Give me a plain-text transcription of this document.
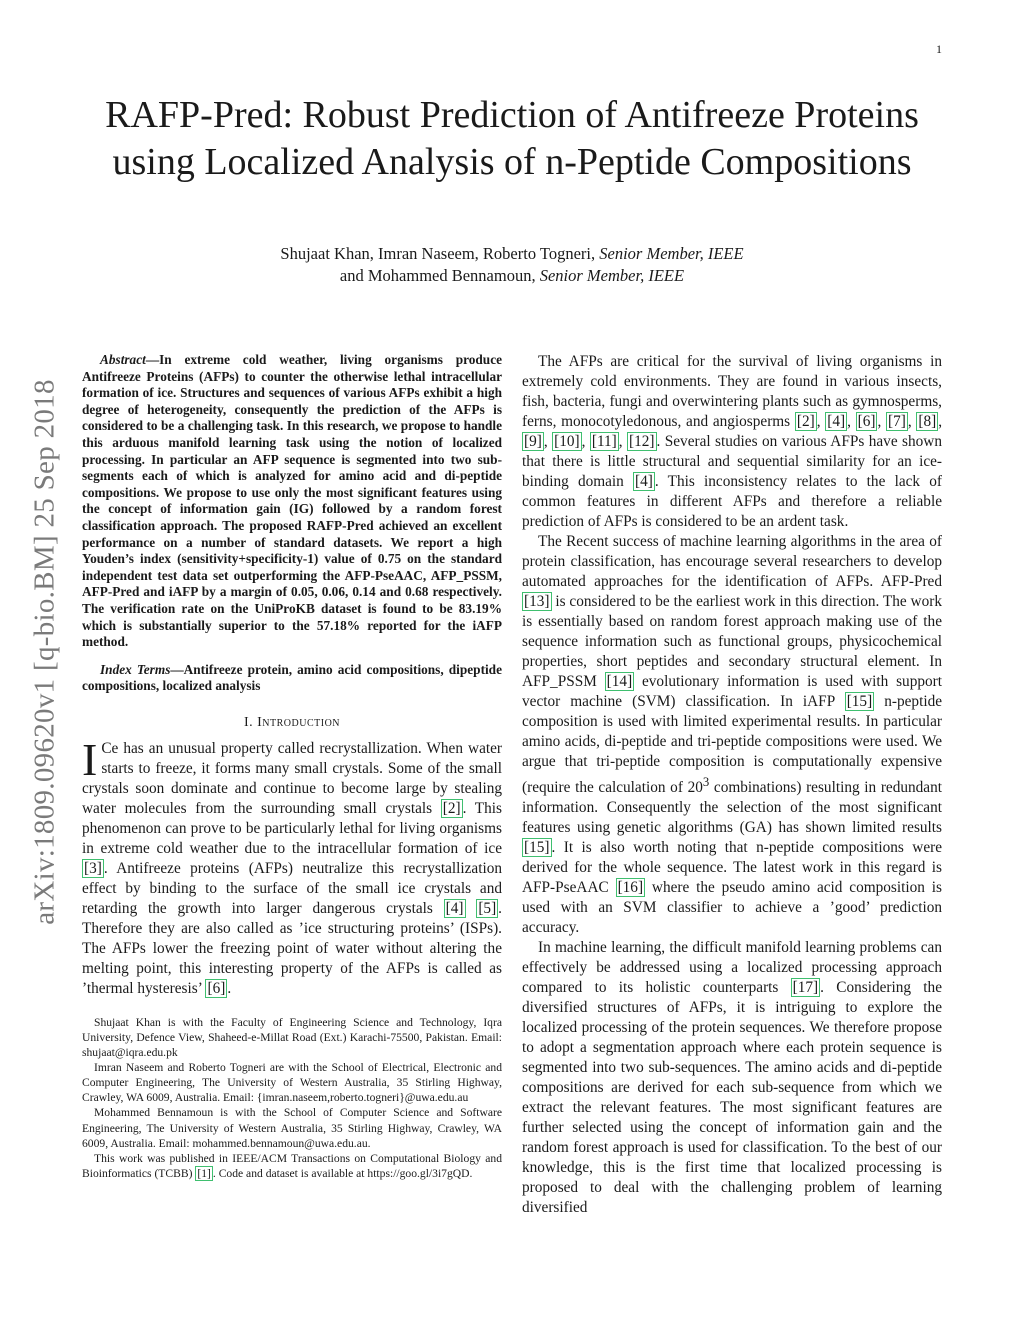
1
arXiv:1809.09620v1 [q-bio.BM] 25 Sep 2018
RAFP-Pred: Robust Prediction of Antifreeze Proteins using Localized Analysis of n-Peptide Compositions
Shujaat Khan, Imran Naseem, Roberto Togneri, Senior Member, IEEE
and Mohammed Bennamoun, Senior Member, IEEE

Abstract—In extreme cold weather, living organisms produce Antifreeze Proteins (AFPs) to counter the otherwise lethal intracellular formation of ice. Structures and sequences of various AFPs exhibit a high degree of heterogeneity, consequently the prediction of the AFPs is considered to be a challenging task. In this research, we propose to handle this arduous manifold learning task using the notion of localized processing. In particular an AFP sequence is segmented into two sub-segments each of which is analyzed for amino acid and di-peptide compositions. We propose to use only the most significant features using the concept of information gain (IG) followed by a random forest classification approach. The proposed RAFP-Pred achieved an excellent performance on a number of standard datasets. We report a high Youden’s index (sensitivity+specificity-1) value of 0.75 on the standard independent test data set outperforming the AFP-PseAAC, AFP_PSSM, AFP-Pred and iAFP by a margin of 0.05, 0.06, 0.14 and 0.68 respectively. The verification rate on the UniProKB dataset is found to be 83.19% which is substantially superior to the 57.18% reported for the iAFP method.

Index Terms—Antifreeze protein, amino acid compositions, dipeptide compositions, localized analysis

I. Introduction

I Ce has an unusual property called recrystallization. When water starts to freeze, it forms many small crystals. Some of the small crystals soon dominate and continue to become large by stealing water molecules from the surrounding small crystals [2] . This phenomenon can prove to be particularly lethal for living organisms in extreme cold weather due to the intracellular formation of ice [3] . Antifreeze proteins (AFPs) neutralize this recrystallization effect by binding to the surface of the small ice crystals and retarding the growth into larger dangerous crystals [4] [5] . Therefore they are also called as ’ice structuring proteins’ (ISPs). The AFPs lower the freezing point of water without altering the melting point, this interesting property of the AFPs is called as ’thermal hysteresis’ [6] .

Shujaat Khan is with the Faculty of Engineering Science and Technology, Iqra University, Defence View, Shaheed-e-Millat Road (Ext.) Karachi-75500, Pakistan. Email: shujaat@iqra.edu.pk

Imran Naseem and Roberto Togneri are with the School of Electrical, Electronic and Computer Engineering, The University of Western Australia, 35 Stirling Highway, Crawley, WA 6009, Australia. Email: {imran.naseem,roberto.togneri}@uwa.edu.au

Mohammed Bennamoun is with the School of Computer Science and Software Engineering, The University of Western Australia, 35 Stirling Highway, Crawley, WA 6009, Australia. Email: mohammed.bennamoun@uwa.edu.au.

This work was published in IEEE/ACM Transactions on Computational Biology and Bioinformatics (TCBB) [1] . Code and dataset is available at https://goo.gl/3i7gQD.

The AFPs are critical for the survival of living organisms in extremely cold environments. They are found in various insects, fish, bacteria, fungi and overwintering plants such as gymnosperms, ferns, monocotyledonous, and angiosperms [2] , [4] , [6] , [7] , [8] , [9] , [10] , [11] , [12] . Several studies on various AFPs have shown that there is little structural and sequential similarity for an ice-binding domain [4] . This inconsistency relates to the lack of common features in different AFPs and therefore a reliable prediction of AFPs is considered to be an ardent task.

The Recent success of machine learning algorithms in the area of protein classification, has encourage several researchers to develop automated approaches for the identification of AFPs. AFP-Pred [13] is considered to be the earliest work in this direction. The work is essentially based on random forest approach making use of the sequence information such as functional groups, physicochemical properties, short peptides and secondary structural element. In AFP_PSSM [14] evolutionary information is used with support vector machine (SVM) classification. In iAFP [15] n-peptide composition is used with limited experimental results. In particular amino acids, di-peptide and tri-peptide compositions were used. We argue that tri-peptide composition is computationally expensive (require the calculation of $20^3$ combinations) resulting in redundant information. Consequently the selection of the most significant features using genetic algorithms (GA) has shown limited results [15] . It is also worth noting that n-peptide compositions were derived for the whole sequence. The latest work in this regard is AFP-PseAAC [16] where the pseudo amino acid composition is used with an SVM classifier to achieve a ’good’ prediction accuracy.

In machine learning, the difficult manifold learning problems can effectively be addressed using a localized processing approach compared to its holistic counterparts [17] . Considering the diversified structures of AFPs, it is intriguing to explore the localized processing of the protein sequences. We therefore propose to adopt a segmentation approach where each protein sequence is segmented into two sub-sequences. The amino acids and di-peptide compositions are derived for each sub-sequence from which we extract the relevant features. The most significant features are further selected using the concept of information gain and the random forest approach is used for classification. To the best of our knowledge, this is the first time that localized processing is proposed to deal with the challenging problem of learning diversified
